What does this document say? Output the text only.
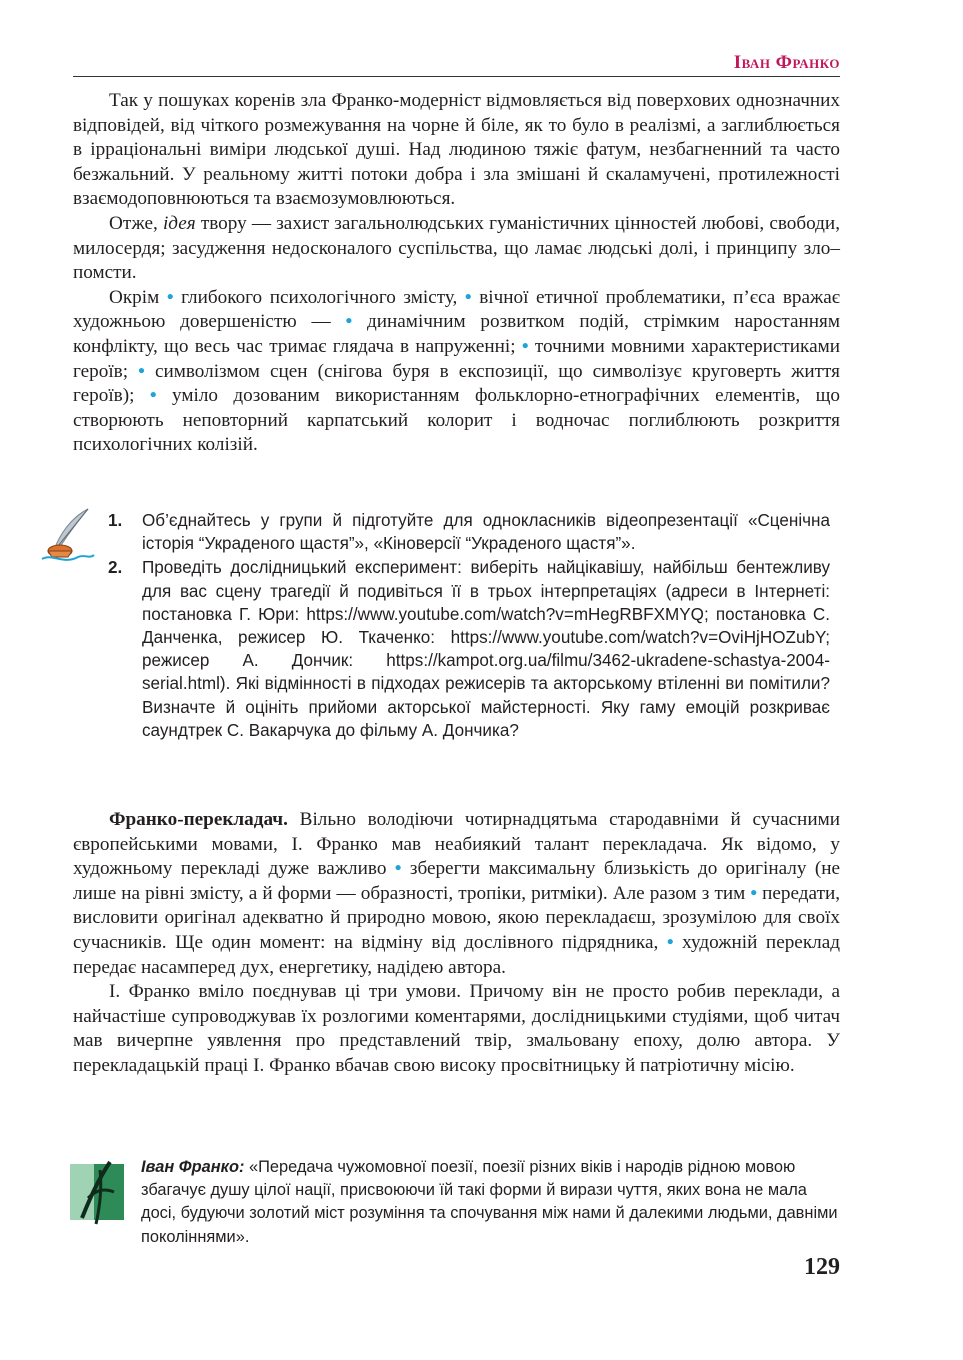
Іван Франко

Так у пошуках коренів зла Франко-модерніст відмовляється від поверхових однозначних відповідей, від чіткого розмежування на чорне й біле, як то було в реалізмі, а заглиблюється в ірраціональні виміри людської душі. Над людиною тяжіє фатум, незбагненний та часто безжальний. У реальному житті потоки добра і зла змішані й скаламучені, протилежності взаємодоповнюються та взаємозумовлюються.

Отже, ідея твору — захист загальнолюдських гуманістичних цінностей любові, свободи, милосердя; засудження недосконалого суспільства, що ламає людські долі, і принципу зло–помсти.

Окрім • глибокого психологічного змісту, • вічної етичної проблематики, п’єса вражає художньою довершеністю — • динамічним розвитком подій, стрімким наростанням конфлікту, що весь час тримає глядача в напруженні; • точними мовними характеристиками героїв; • символізмом сцен (снігова буря в експозиції, що символізує круговерть життя героїв); • уміло дозованим використанням фольклорно-етнографічних елементів, що створюють неповторний карпатський колорит і водночас поглиблюють розкриття психологічних колізій.

1.	Об’єднайтесь у групи й підготуйте для однокласників відеопрезентації «Сценічна історія “Украденого щастя”», «Кіноверсії “Украденого щастя”».
2.	Проведіть дослідницький експеримент: виберіть найцікавішу, найбільш бентежливу для вас сцену трагедії й подивіться її в трьох інтерпретаціях (адреси в Інтернеті: постановка Г. Юри: https://www.youtube.com/watch?v=mHegRBFXMYQ; постановка С. Данченка, режисер Ю. Ткаченко: https://www.youtube.com/watch?v=OviHjHOZubY; режисер А. Дончик: https://kampot.org.ua/filmu/3462-ukradene-schastya-2004-serial.html). Які відмінності в підходах режисерів та акторському втіленні ви помітили? Визначте й оцініть прийоми акторської майстерності. Яку гаму емоцій розкриває саундтрек С. Вакарчука до фільму А. Дончика?

Франко-перекладач. Вільно володіючи чотирнадцятьма стародавніми й сучасними європейськими мовами, І. Франко мав неабиякий талант перекладача. Як відомо, у художньому перекладі дуже важливо • зберегти максимальну близькість до оригіналу (не лише на рівні змісту, а й форми — образності, тропіки, ритміки). Але разом з тим • передати, висловити оригінал адекватно й природно мовою, якою перекладаєш, зрозумілою для своїх сучасників. Ще один момент: на відміну від дослівного підрядника, • художній переклад передає насамперед дух, енергетику, надідею автора.

І. Франко вміло поєднував ці три умови. Причому він не просто робив переклади, а найчастіше супроводжував їх розлогими коментарями, дослідницькими студіями, щоб читач мав вичерпне уявлення про представлений твір, змальовану епоху, долю автора. У перекладацькій праці І. Франко вбачав свою високу просвітницьку й патріотичну місію.

Іван Франко: «Передача чужомовної поезії, поезії різних віків і народів рідною мовою збагачує душу цілої нації, присвоюючи їй такі форми й вирази чуття, яких вона не мала досі, будуючи золотий міст розуміння та спочування між нами й далекими людьми, давніми поколіннями».
129
